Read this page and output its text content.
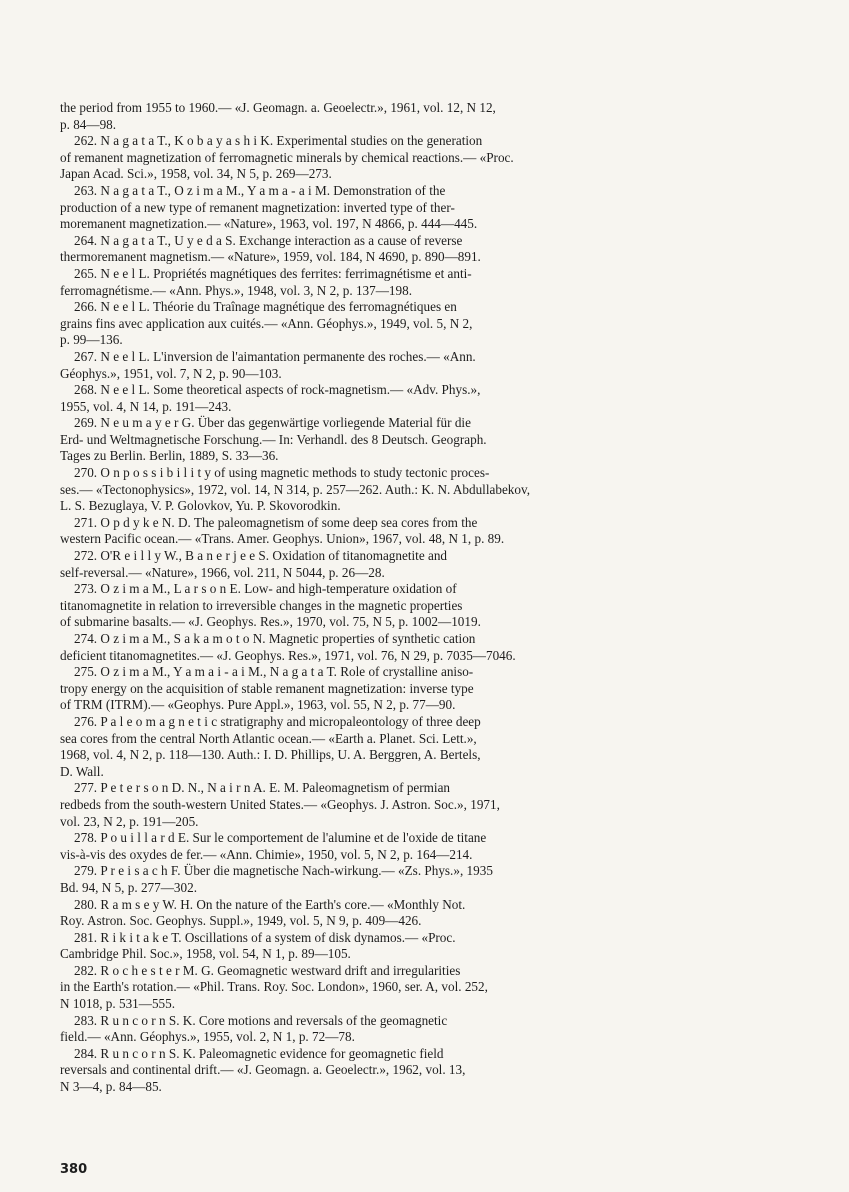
the period from 1955 to 1960.— «J. Geomagn. a. Geoelectr.», 1961, vol. 12, N 12,
p. 84—98.
262. N a g a t a T., K o b a y a s h i K. Experimental studies on the generation
of remanent magnetization of ferromagnetic minerals by chemical reactions.— «Proc.
Japan Acad. Sci.», 1958, vol. 34, N 5, p. 269—273.
263. N a g a t a T., O z i m a M., Y a m a - a i M. Demonstration of the
production of a new type of remanent magnetization: inverted type of ther-
moremanent magnetization.— «Nature», 1963, vol. 197, N 4866, p. 444—445.
264. N a g a t a T., U y e d a S. Exchange interaction as a cause of reverse
thermoremanent magnetism.— «Nature», 1959, vol. 184, N 4690, p. 890—891.
265. N e e l L. Propriétés magnétiques des ferrites: ferrimagnétisme et anti-
ferromagnétisme.— «Ann. Phys.», 1948, vol. 3, N 2, p. 137—198.
266. N e e l L. Théorie du Traînage magnétique des ferromagnétiques en
grains fins avec application aux cuités.— «Ann. Géophys.», 1949, vol. 5, N 2,
p. 99—136.
267. N e e l L. L'inversion de l'aimantation permanente des roches.— «Ann.
Géophys.», 1951, vol. 7, N 2, p. 90—103.
268. N e e l L. Some theoretical aspects of rock-magnetism.— «Adv. Phys.»,
1955, vol. 4, N 14, p. 191—243.
269. N e u m a y e r G. Über das gegenwärtige vorliegende Material für die
Erd- und Weltmagnetische Forschung.— In: Verhandl. des 8 Deutsch. Geograph.
Tages zu Berlin. Berlin, 1889, S. 33—36.
270. O n p o s s i b i l i t y of using magnetic methods to study tectonic proces-
ses.— «Tectonophysics», 1972, vol. 14, N 314, p. 257—262. Auth.: K. N. Abdullabekov,
L. S. Bezuglaya, V. P. Golovkov, Yu. P. Skovorodkin.
271. O p d y k e N. D. The paleomagnetism of some deep sea cores from the
western Pacific ocean.— «Trans. Amer. Geophys. Union», 1967, vol. 48, N 1, p. 89.
272. O'R e i l l y W., B a n e r j e e S. Oxidation of titanomagnetite and
self-reversal.— «Nature», 1966, vol. 211, N 5044, p. 26—28.
273. O z i m a M., L a r s o n E. Low- and high-temperature oxidation of
titanomagnetite in relation to irreversible changes in the magnetic properties
of submarine basalts.— «J. Geophys. Res.», 1970, vol. 75, N 5, p. 1002—1019.
274. O z i m a M., S a k a m o t o N. Magnetic properties of synthetic cation
deficient titanomagnetites.— «J. Geophys. Res.», 1971, vol. 76, N 29, p. 7035—7046.
275. O z i m a M., Y a m a i - a i M., N a g a t a T. Role of crystalline aniso-
tropy energy on the acquisition of stable remanent magnetization: inverse type
of TRM (ITRM).— «Geophys. Pure Appl.», 1963, vol. 55, N 2, p. 77—90.
276. P a l e o m a g n e t i c stratigraphy and micropaleontology of three deep
sea cores from the central North Atlantic ocean.— «Earth a. Planet. Sci. Lett.»,
1968, vol. 4, N 2, p. 118—130. Auth.: I. D. Phillips, U. A. Berggren, A. Bertels,
D. Wall.
277. P e t e r s o n D. N., N a i r n A. E. M. Paleomagnetism of permian
redbeds from the south-western United States.— «Geophys. J. Astron. Soc.», 1971,
vol. 23, N 2, p. 191—205.
278. P o u i l l a r d E. Sur le comportement de l'alumine et de l'oxide de titane
vis-à-vis des oxydes de fer.— «Ann. Chimie», 1950, vol. 5, N 2, p. 164—214.
279. P r e i s a c h F. Über die magnetische Nach-wirkung.— «Zs. Phys.», 1935
Bd. 94, N 5, p. 277—302.
280. R a m s e y W. H. On the nature of the Earth's core.— «Monthly Not.
Roy. Astron. Soc. Geophys. Suppl.», 1949, vol. 5, N 9, p. 409—426.
281. R i k i t a k e T. Oscillations of a system of disk dynamos.— «Proc.
Cambridge Phil. Soc.», 1958, vol. 54, N 1, p. 89—105.
282. R o c h e s t e r M. G. Geomagnetic westward drift and irregularities
in the Earth's rotation.— «Phil. Trans. Roy. Soc. London», 1960, ser. A, vol. 252,
N 1018, p. 531—555.
283. R u n c o r n S. K. Core motions and reversals of the geomagnetic
field.— «Ann. Géophys.», 1955, vol. 2, N 1, p. 72—78.
284. R u n c o r n S. K. Paleomagnetic evidence for geomagnetic field
reversals and continental drift.— «J. Geomagn. a. Geoelectr.», 1962, vol. 13,
N 3—4, p. 84—85.
380
